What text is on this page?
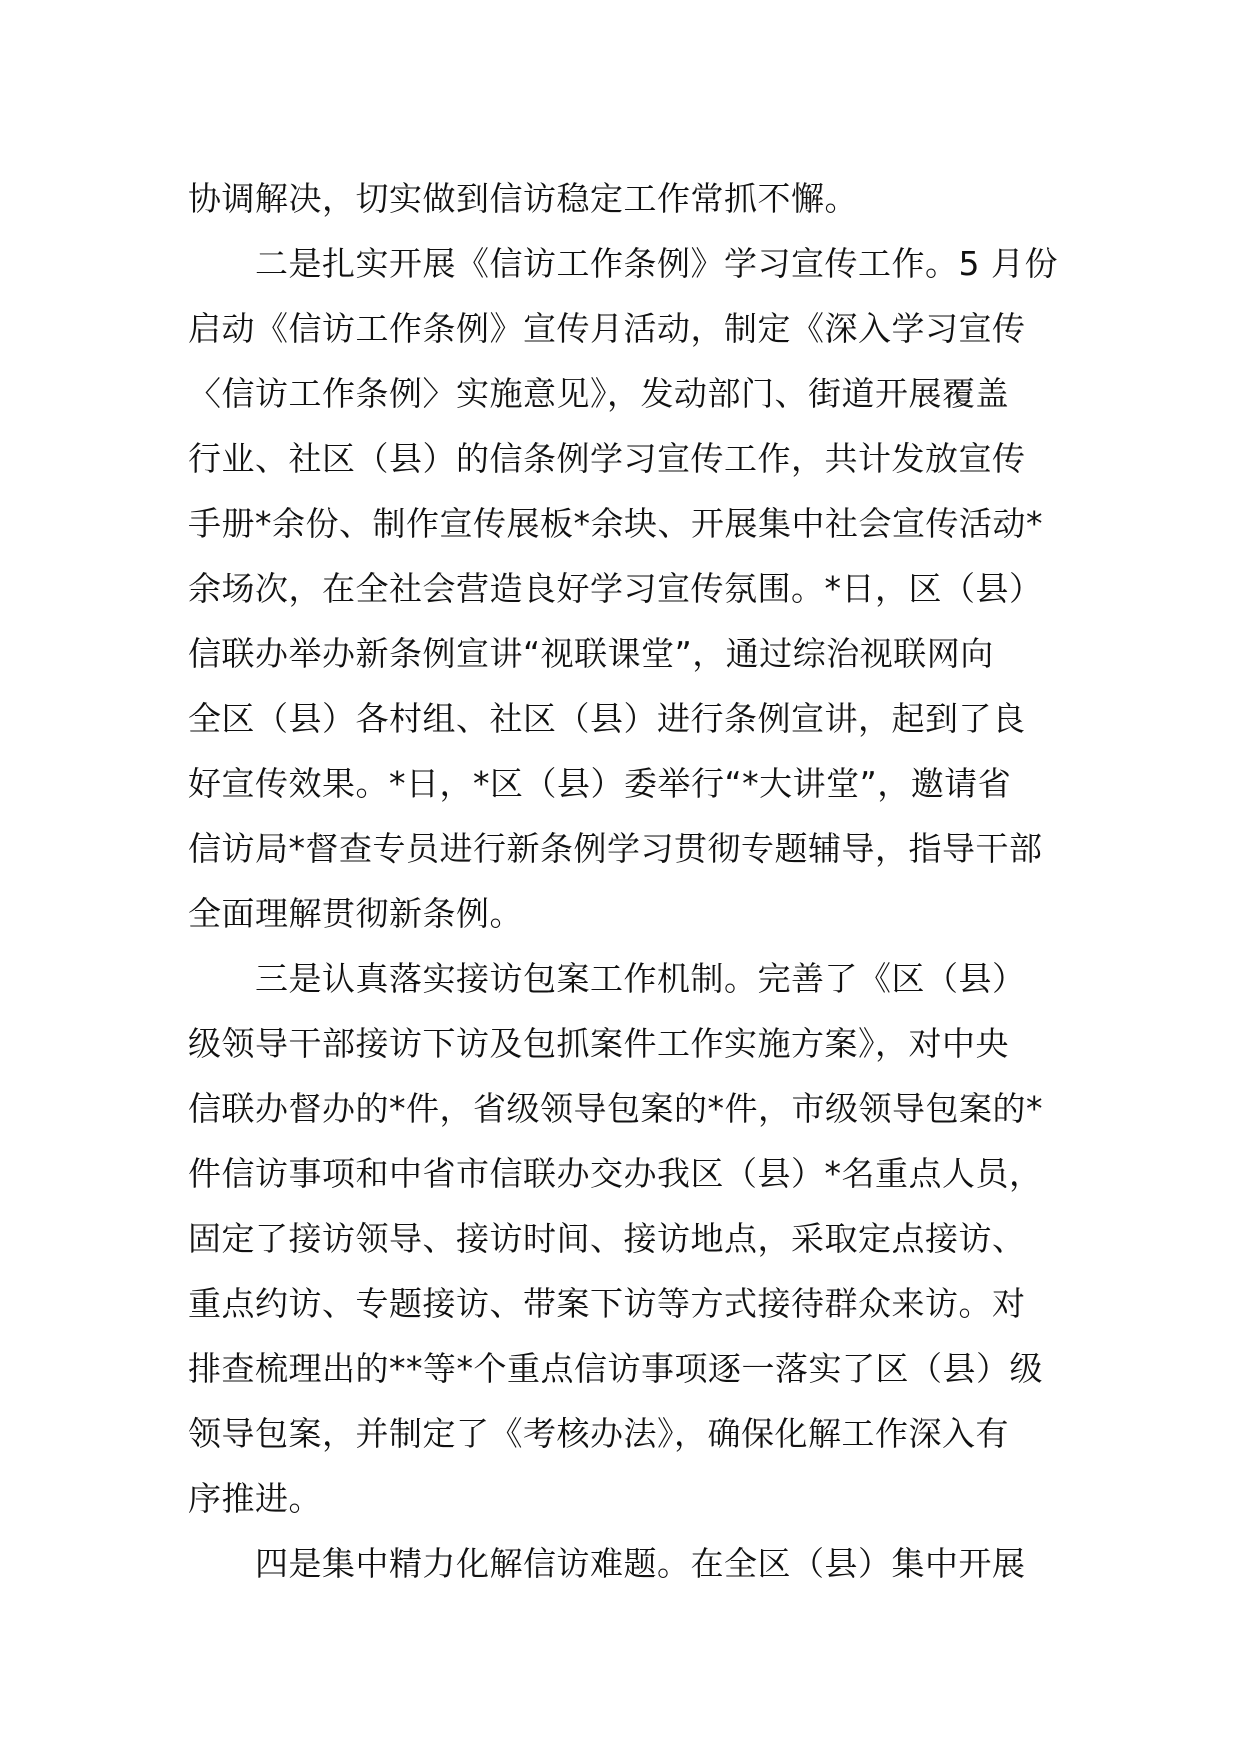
协调解决，切实做到信访稳定工作常抓不懈。

二是扎实开展《信访工作条例》学习宣传工作。5 月份

启动《信访工作条例》宣传月活动，制定《深入学习宣传

〈信访工作条例〉实施意见》，发动部门、街道开展覆盖

行业、社区（县）的信条例学习宣传工作，共计发放宣传

手册*余份、制作宣传展板*余块、开展集中社会宣传活动*

余场次，在全社会营造良好学习宣传氛围。*日，区（县）

信联办举办新条例宣讲“视联课堂”，通过综治视联网向

全区（县）各村组、社区（县）进行条例宣讲，起到了良

好宣传效果。*日，*区（县）委举行“*大讲堂”，邀请省

信访局*督查专员进行新条例学习贯彻专题辅导，指导干部

全面理解贯彻新条例。

三是认真落实接访包案工作机制。完善了《区（县）

级领导干部接访下访及包抓案件工作实施方案》，对中央

信联办督办的*件，省级领导包案的*件，市级领导包案的*

件信访事项和中省市信联办交办我区（县）*名重点人员，

固定了接访领导、接访时间、接访地点，采取定点接访、

重点约访、专题接访、带案下访等方式接待群众来访。对

排查梳理出的**等*个重点信访事项逐一落实了区（县）级

领导包案，并制定了《考核办法》，确保化解工作深入有

序推进。

四是集中精力化解信访难题。在全区（县）集中开展
